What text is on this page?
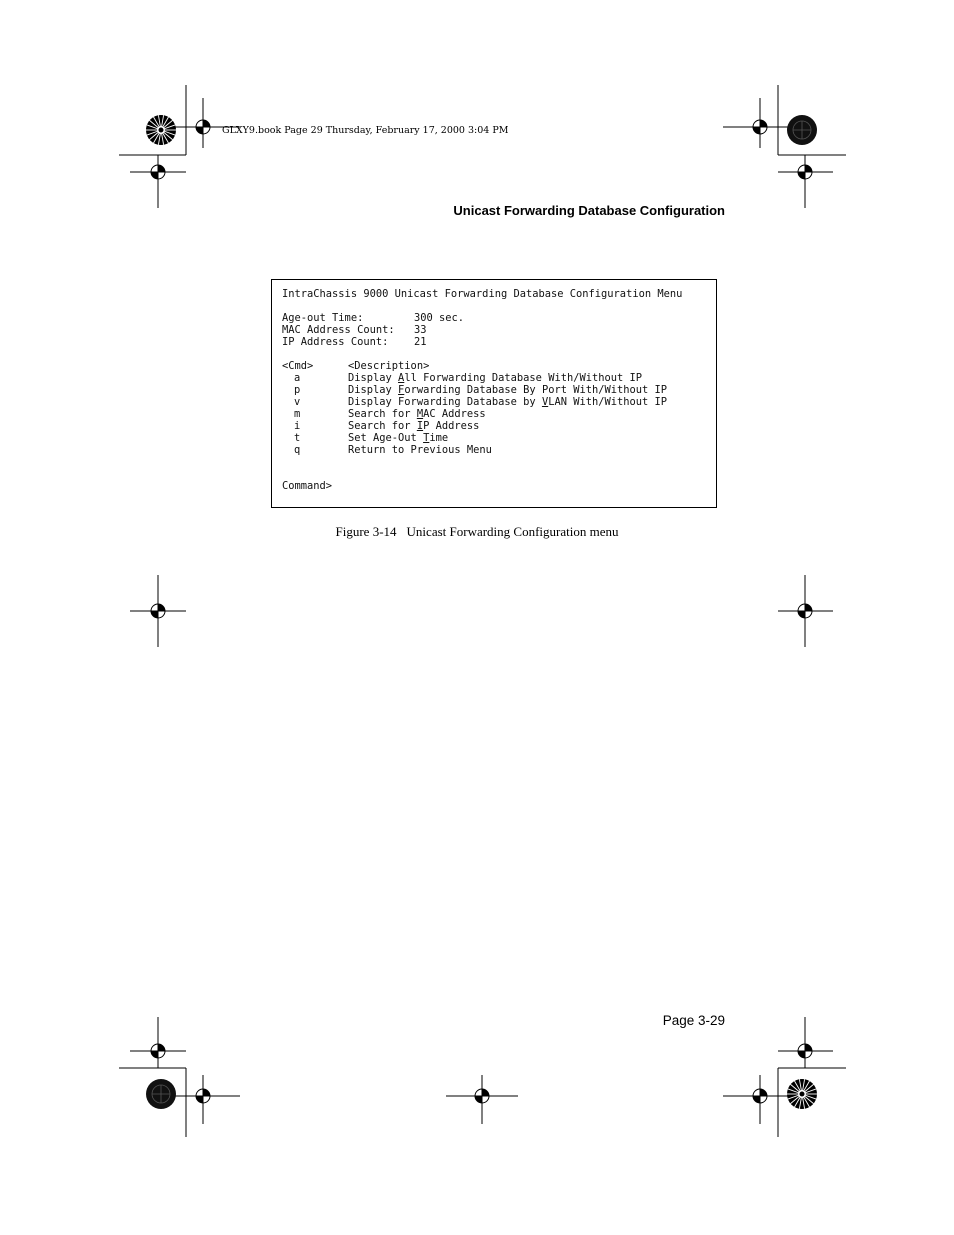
GLXY9.book Page 29 Thursday, February 17, 2000 3:04 PM
Unicast Forwarding Database Configuration
IntraChassis 9000 Unicast Forwarding Database Configuration Menu

Age-out Time:	300 sec.
MAC Address Count: 33
IP Address Count: 21

<Cmd>	<Description>
a	Display All Forwarding Database With/Without IP
p	Display Forwarding Database By Port With/Without IP
v	Display Forwarding Database by VLAN With/Without IP
m	Search for MAC Address
i	Search for IP Address
t	Set Age-Out Time
q	Return to Previous Menu

Command>
Figure 3-14 Unicast Forwarding Configuration menu
Page 3-29
